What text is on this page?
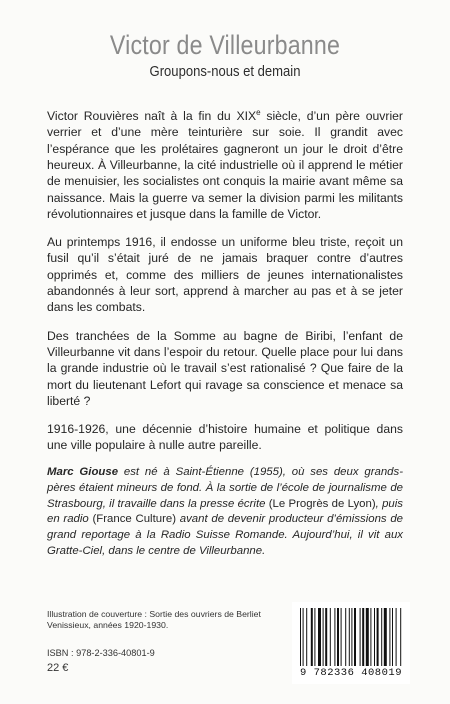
Victor de Villeurbanne
Groupons-nous et demain

Victor Rouvières naît à la fin du XIXe siècle, d’un père ouvrier verrier et d’une mère teinturière sur soie. Il grandit avec l’espérance que les prolétaires gagneront un jour le droit d’être heureux. À Villeurbanne, la cité industrielle où il apprend le métier de menuisier, les socialistes ont conquis la mairie avant même sa naissance. Mais la guerre va semer la division parmi les militants révolutionnaires et jusque dans la famille de Victor.

Au printemps 1916, il endosse un uniforme bleu triste, reçoit un fusil qu’il s’était juré de ne jamais braquer contre d’autres opprimés et, comme des milliers de jeunes internationalistes abandonnés à leur sort, apprend à marcher au pas et à se jeter dans les combats.

Des tranchées de la Somme au bagne de Biribi, l’enfant de Villeurbanne vit dans l’espoir du retour. Quelle place pour lui dans la grande industrie où le travail s’est rationalisé ? Que faire de la mort du lieutenant Lefort qui ravage sa conscience et menace sa liberté ?

1916-1926, une décennie d’histoire humaine et politique dans une ville populaire à nulle autre pareille.

Marc Giouse est né à Saint-Étienne (1955), où ses deux grands-pères étaient mineurs de fond. À la sortie de l’école de journalisme de Strasbourg, il travaille dans la presse écrite (Le Progrès de Lyon), puis en radio (France Culture) avant de devenir producteur d’émissions de grand reportage à la Radio Suisse Romande. Aujourd’hui, il vit aux Gratte-Ciel, dans le centre de Villeurbanne.
Illustration de couverture : Sortie des ouvriers de Berliet Venissieux, années 1920-1930.
ISBN : 978-2-336-40801-9
22 €	9 782336 408019
